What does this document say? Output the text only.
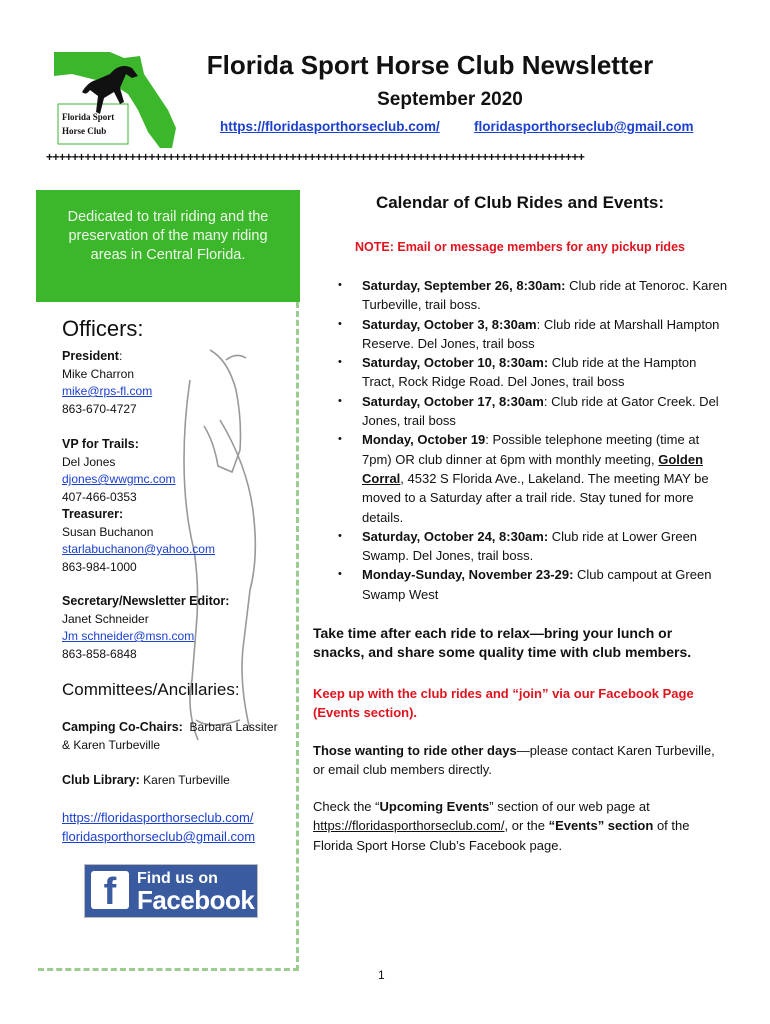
Florida Sport
Horse Club
Florida Sport Horse Club Newsletter
September 2020
https://floridasporthorseclub.com/	floridasporthorseclub@gmail.com
++++++++++++++++++++++++++++++++++++++++++++++++++++++++++++++++++++++++++++++++++++
Dedicated to trail riding and the preservation of the many riding areas in Central Florida.
Officers:
President:
Mike Charron
mike@rps-fl.com
863-670-4727
VP for Trails:
Del Jones
djones@wwgmc.com
407-466-0353
Treasurer:
Susan Buchanon
starlabuchanon@yahoo.com
863-984-1000
Secretary/Newsletter Editor:
Janet Schneider
Jm schneider@msn.com
863-858-6848
Committees/Ancillaries:
Camping Co-Chairs: Barbara Lassiter
& Karen Turbeville
Club Library: Karen Turbeville
https://floridasporthorseclub.com/
floridasporthorseclub@gmail.com
f	Find us on
Facebook
Calendar of Club Rides and Events:
NOTE: Email or message members for any pickup rides
• Saturday, September 26, 8:30am: Club ride at Tenoroc. Karen Turbeville, trail boss.
• Saturday, October 3, 8:30am: Club ride at Marshall Hampton Reserve. Del Jones, trail boss
• Saturday, October 10, 8:30am: Club ride at the Hampton Tract, Rock Ridge Road. Del Jones, trail boss
• Saturday, October 17, 8:30am: Club ride at Gator Creek. Del Jones, trail boss
• Monday, October 19: Possible telephone meeting (time at 7pm) OR club dinner at 6pm with monthly meeting, Golden Corral, 4532 S Florida Ave., Lakeland. The meeting MAY be moved to a Saturday after a trail ride. Stay tuned for more details.
• Saturday, October 24, 8:30am: Club ride at Lower Green Swamp. Del Jones, trail boss.
• Monday-Sunday, November 23-29: Club campout at Green Swamp West
Take time after each ride to relax—bring your lunch or snacks, and share some quality time with club members.
Keep up with the club rides and “join” via our Facebook Page (Events section).
Those wanting to ride other days—please contact Karen Turbeville, or email club members directly.
Check the “Upcoming Events” section of our web page at https://floridasporthorseclub.com/, or the “Events” section of the Florida Sport Horse Club’s Facebook page.
1
